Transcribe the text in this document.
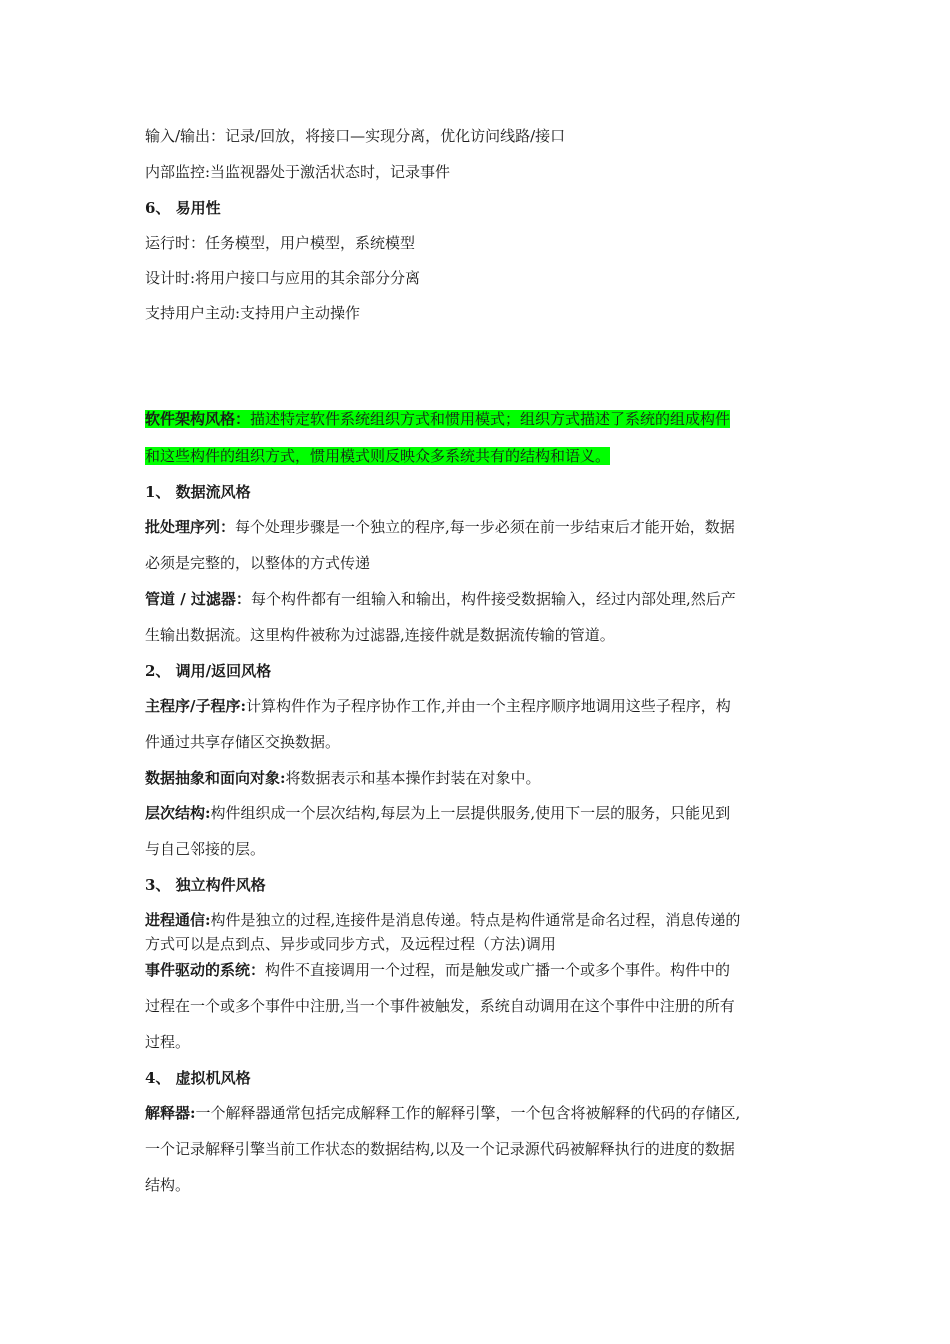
输入/输出：记录/回放，将接口—实现分离，优化访问线路/接口
内部监控:当监视器处于激活状态时，记录事件
6、 易用性
运行时：任务模型，用户模型，系统模型
设计时:将用户接口与应用的其余部分分离
支持用户主动:支持用户主动操作
软件架构风格：描述特定软件系统组织方式和惯用模式；组织方式描述了系统的组成构件
和这些构件的组织方式，惯用模式则反映众多系统共有的结构和语义。
1、 数据流风格
批处理序列：每个处理步骤是一个独立的程序,每一步必须在前一步结束后才能开始，数据
必须是完整的，以整体的方式传递
管道 / 过滤器：每个构件都有一组输入和输出，构件接受数据输入，经过内部处理,然后产
生输出数据流。这里构件被称为过滤器,连接件就是数据流传输的管道。
2、 调用/返回风格
主程序/子程序:计算构件作为子程序协作工作,并由一个主程序顺序地调用这些子程序，构
件通过共享存储区交换数据。
数据抽象和面向对象:将数据表示和基本操作封装在对象中。
层次结构:构件组织成一个层次结构,每层为上一层提供服务,使用下一层的服务，只能见到
与自己邻接的层。
3、 独立构件风格
进程通信:构件是独立的过程,连接件是消息传递。特点是构件通常是命名过程，消息传递的
方式可以是点到点、异步或同步方式，及远程过程（方法)调用
事件驱动的系统：构件不直接调用一个过程，而是触发或广播一个或多个事件。构件中的
过程在一个或多个事件中注册,当一个事件被触发，系统自动调用在这个事件中注册的所有
过程。
4、 虚拟机风格
解释器:一个解释器通常包括完成解释工作的解释引擎，一个包含将被解释的代码的存储区,
一个记录解释引擎当前工作状态的数据结构,以及一个记录源代码被解释执行的进度的数据
结构。
